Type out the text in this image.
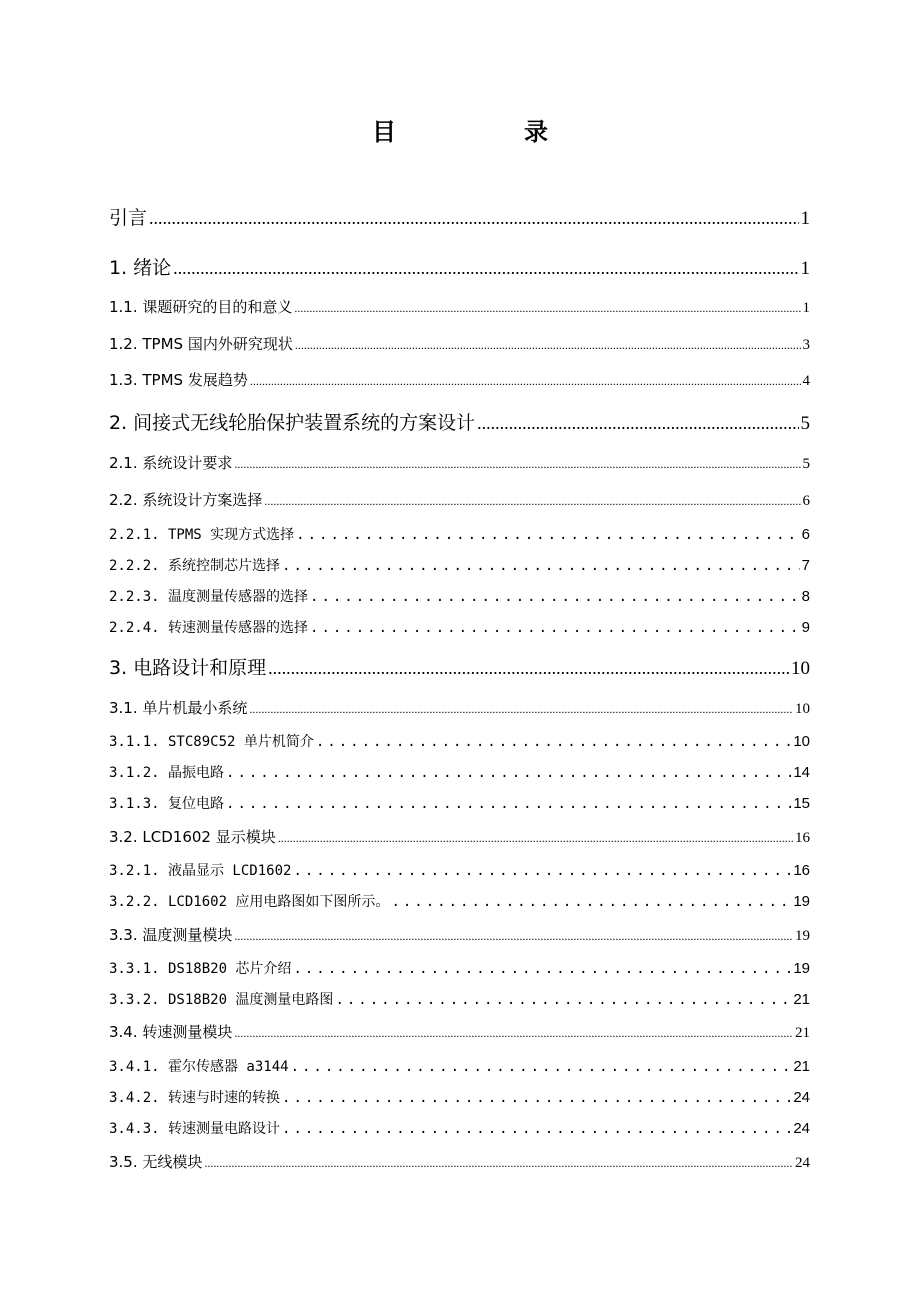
目　录
引言 .....	1
1. 绪论 .....	1
1.1. 课题研究的目的和意义 .....	1
1.2. TPMS 国内外研究现状 .....	3
1.3. TPMS 发展趋势 .....	4
2. 间接式无线轮胎保护装置系统的方案设计 .....	5
2.1. 系统设计要求 .....	5
2.2. 系统设计方案选择 .....	6
2.2.1. TPMS 实现方式选择 .....	6
2.2.2. 系统控制芯片选择 .....	7
2.2.3. 温度测量传感器的选择 .....	8
2.2.4. 转速测量传感器的选择 .....	9
3. 电路设计和原理 .....	10
3.1. 单片机最小系统 .....	10
3.1.1. STC89C52 单片机简介 .....	10
3.1.2. 晶振电路 .....	14
3.1.3. 复位电路 .....	15
3.2. LCD1602 显示模块 .....	16
3.2.1. 液晶显示 LCD1602 .....	16
3.2.2. LCD1602 应用电路图如下图所示。 .....	19
3.3. 温度测量模块 .....	19
3.3.1. DS18B20 芯片介绍 .....	19
3.3.2. DS18B20 温度测量电路图 .....	21
3.4. 转速测量模块 .....	21
3.4.1. 霍尔传感器 a3144 .....	21
3.4.2. 转速与时速的转换 .....	24
3.4.3. 转速测量电路设计 .....	24
3.5. 无线模块 .....	24
